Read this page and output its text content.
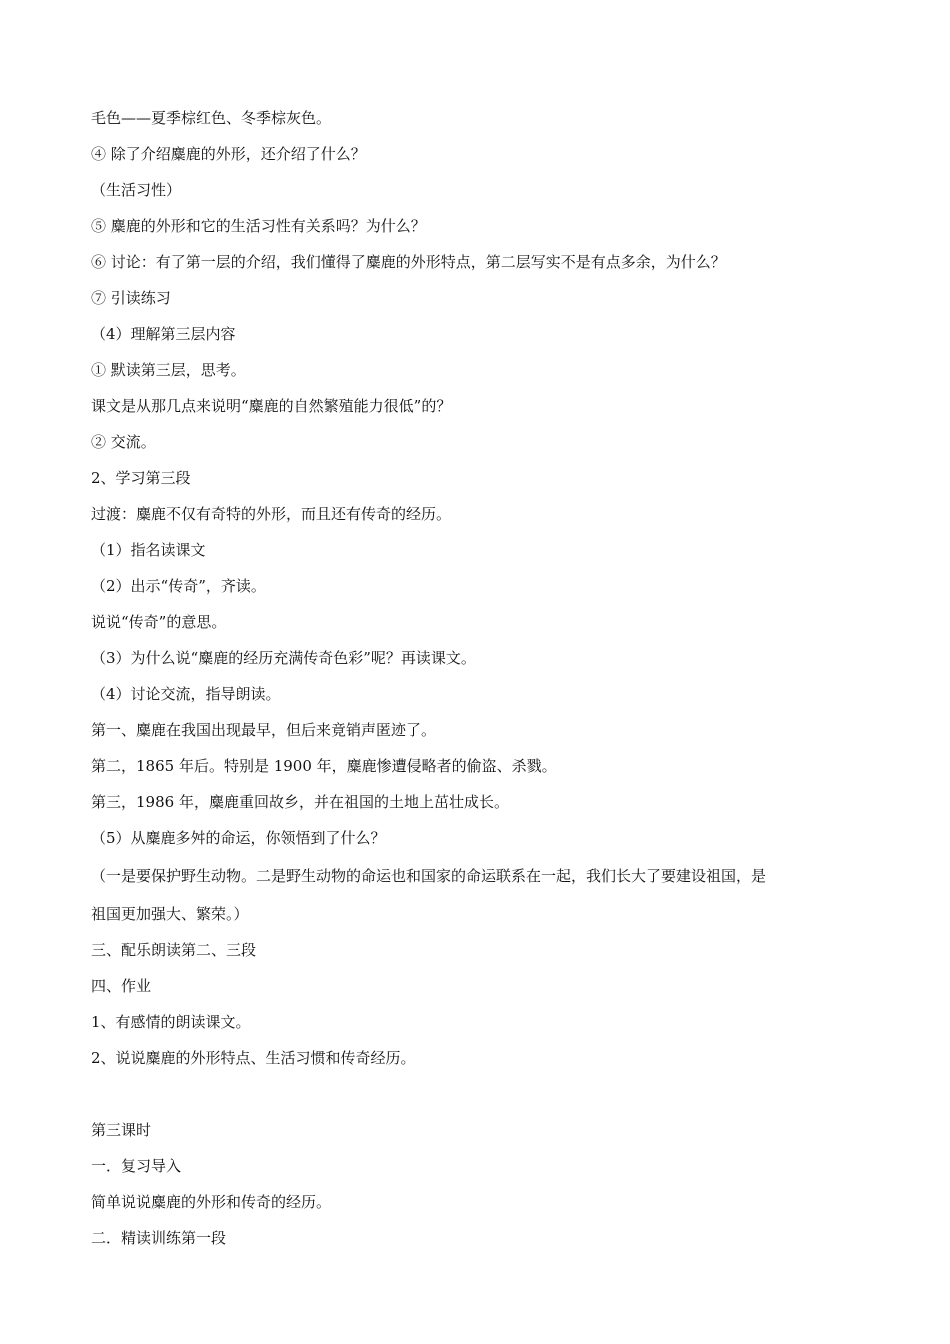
毛色——夏季棕红色、冬季棕灰色。
④ 除了介绍麋鹿的外形，还介绍了什么？
（生活习性）
⑤ 麋鹿的外形和它的生活习性有关系吗？为什么？
⑥ 讨论：有了第一层的介绍，我们懂得了麋鹿的外形特点，第二层写实不是有点多余，为什么？
⑦ 引读练习
（4）理解第三层内容
① 默读第三层，思考。
课文是从那几点来说明“麋鹿的自然繁殖能力很低”的？
② 交流。
2、学习第三段
过渡：麋鹿不仅有奇特的外形，而且还有传奇的经历。
（1）指名读课文
（2）出示“传奇”，齐读。
说说“传奇”的意思。
（3）为什么说“麋鹿的经历充满传奇色彩”呢？再读课文。
（4）讨论交流，指导朗读。
第一、麋鹿在我国出现最早，但后来竟销声匿迹了。
第二，1865 年后。特别是 1900 年，麋鹿惨遭侵略者的偷盗、杀戮。
第三，1986 年，麋鹿重回故乡，并在祖国的土地上茁壮成长。
（5）从麋鹿多舛的命运，你领悟到了什么？
（一是要保护野生动物。二是野生动物的命运也和国家的命运联系在一起，我们长大了要建设祖国，是
祖国更加强大、繁荣。）
三、配乐朗读第二、三段
四、作业
1、有感情的朗读课文。
2、说说麋鹿的外形特点、生活习惯和传奇经历。
第三课时
一．复习导入
简单说说麋鹿的外形和传奇的经历。
二．精读训练第一段
